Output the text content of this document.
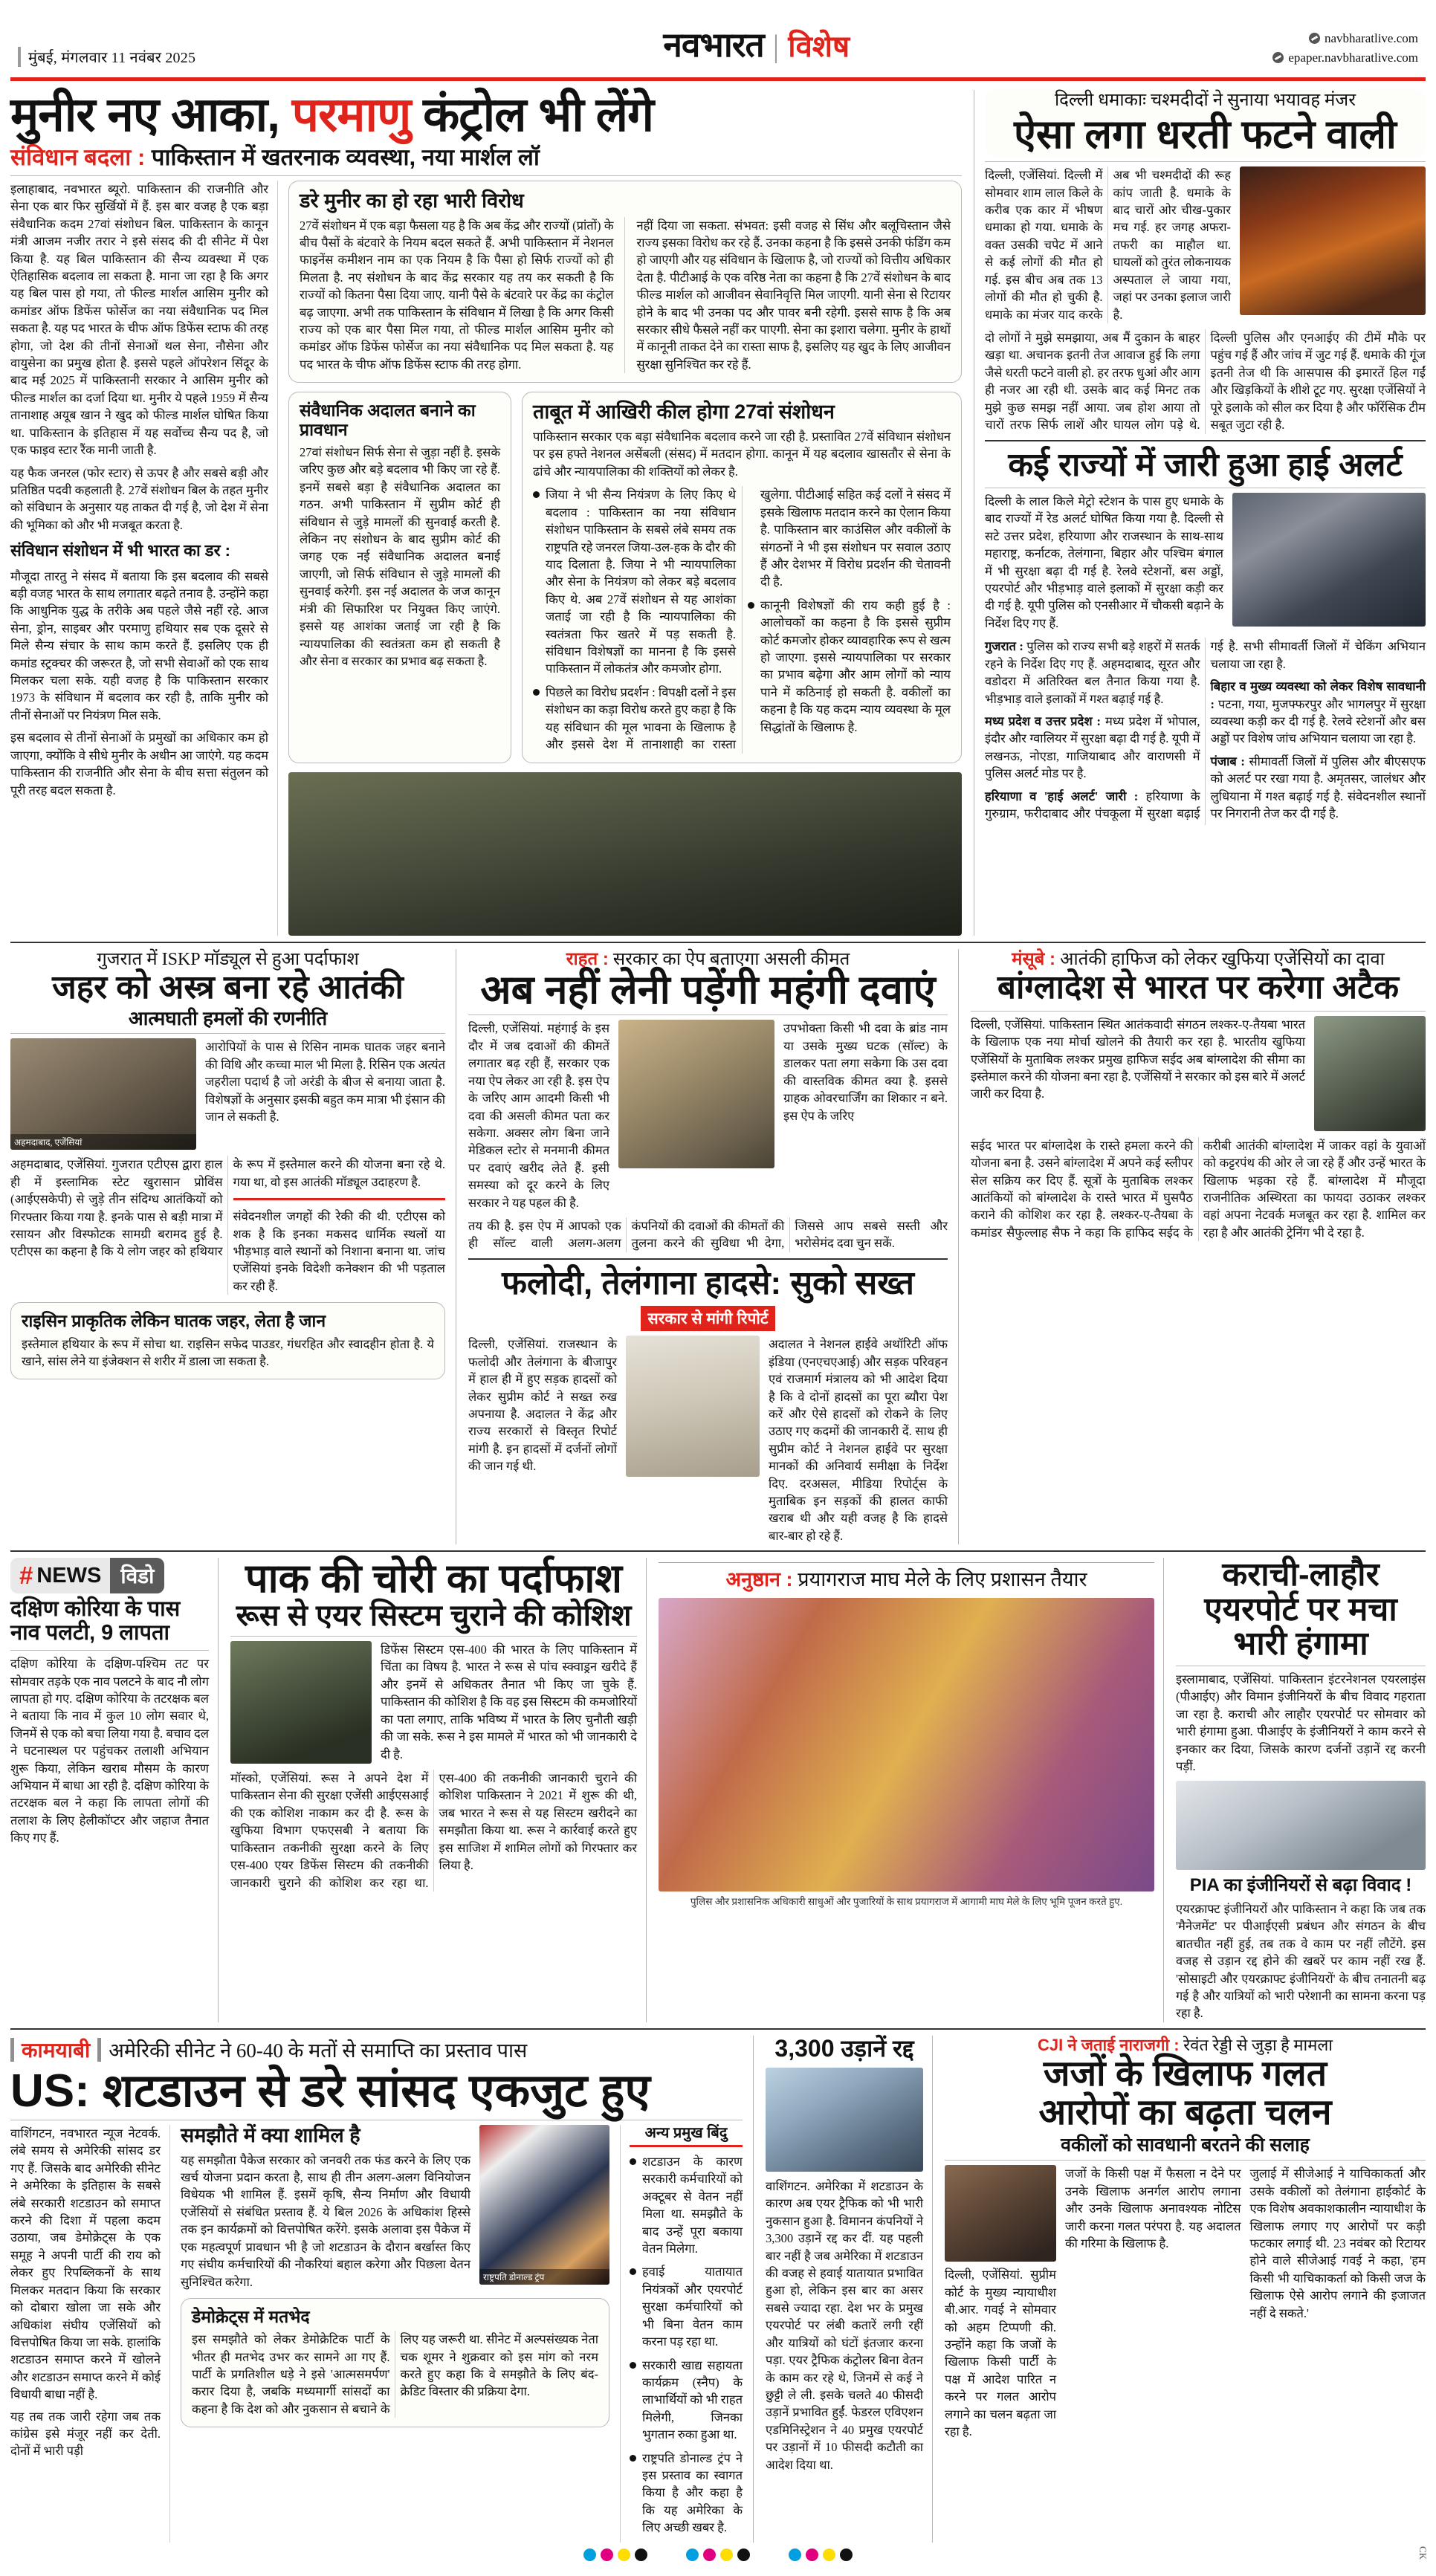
मुंबई, मंगलवार 11 नवंबर 2025	नवभारत | विशेष	navbharatlive.com
epaper.navbharatlive.com
मुनीर नए आका, परमाणु कंट्रोल भी लेंगे
संविधान बदला : पाकिस्तान में खतरनाक व्यवस्था, नया मार्शल लॉ

इलाहाबाद, नवभारत ब्यूरो. पाकिस्तान की राजनीति और सेना एक बार फिर सुर्खियों में हैं. इस बार वजह है एक बड़ा संवैधानिक कदम 27वां संशोधन बिल. पाकिस्तान के कानून मंत्री आजम नजीर तरार ने इसे संसद की दी सीनेट में पेश किया है. यह बिल पाकिस्तान की सैन्य व्यवस्था में एक ऐतिहासिक बदलाव ला सकता है. माना जा रहा है कि अगर यह बिल पास हो गया, तो फील्ड मार्शल आसिम मुनीर को कमांडर ऑफ डिफेंस फोर्सेज का नया संवैधानिक पद मिल सकता है. यह पद भारत के चीफ ऑफ डिफेंस स्टाफ की तरह होगा, जो देश की तीनों सेनाओं थल सेना, नौसेना और वायुसेना का प्रमुख होता है. इससे पहले ऑपरेशन सिंदूर के बाद मई 2025 में पाकिस्तानी सरकार ने आसिम मुनीर को फील्ड मार्शल का दर्जा दिया था. मुनीर ये पहले 1959 में सैन्य तानाशाह अयूब खान ने खुद को फील्ड मार्शल घोषित किया था. पाकिस्तान के इतिहास में यह सर्वोच्च सैन्य पद है, जो एक फाइव स्टार रैंक मानी जाती है.

यह फैक जनरल (फोर स्टार) से ऊपर है और सबसे बड़ी और प्रतिष्ठित पदवी कहलाती है. 27वें संशोधन बिल के तहत मुनीर को संविधान के अनुसार यह ताकत दी गई है, जो देश में सेना की भूमिका को और भी मजबूत करता है.

संविधान संशोधन में भी भारत का डर :

मौजूदा तारतु ने संसद में बताया कि इस बदलाव की सबसे बड़ी वजह भारत के साथ लगातार बढ़ते तनाव है. उन्होंने कहा कि आधुनिक युद्ध के तरीके अब पहले जैसे नहीं रहे. आज सेना, ड्रोन, साइबर और परमाणु हथियार सब एक दूसरे से मिले सैन्य संचार के साथ काम करते हैं. इसलिए एक ही कमांड स्ट्रक्चर की जरूरत है, जो सभी सेवाओं को एक साथ मिलकर चला सके. यही वजह है कि पाकिस्तान सरकार 1973 के संविधान में बदलाव कर रही है, ताकि मुनीर को तीनों सेनाओं पर नियंत्रण मिल सके.

इस बदलाव से तीनों सेनाओं के प्रमुखों का अधिकार कम हो जाएगा, क्योंकि वे सीधे मुनीर के अधीन आ जाएंगे. यह कदम पाकिस्तान की राजनीति और सेना के बीच सत्ता संतुलन को पूरी तरह बदल सकता है.

डरे मुनीर का हो रहा भारी विरोध
27वें संशोधन में एक बड़ा फैसला यह है कि अब केंद्र और राज्यों (प्रांतों) के बीच पैसों के बंटवारे के नियम बदल सकते हैं. अभी पाकिस्तान में नेशनल फाइनेंस कमीशन नाम का एक नियम है कि पैसा हो सिर्फ राज्यों को ही मिलता है. नए संशोधन के बाद केंद्र सरकार यह तय कर सकती है कि राज्यों को कितना पैसा दिया जाए. यानी पैसे के बंटवारे पर केंद्र का कंट्रोल बढ़ जाएगा. अभी तक पाकिस्तान के संविधान में लिखा है कि अगर किसी राज्य को एक बार पैसा मिल गया, तो फील्ड मार्शल आसिम मुनीर को कमांडर ऑफ डिफेंस फोर्सेज का नया संवैधानिक पद मिल सकता है. यह पद भारत के चीफ ऑफ डिफेंस स्टाफ की तरह होगा.
नहीं दिया जा सकता. संभवत: इसी वजह से सिंध और बलूचिस्तान जैसे राज्य इसका विरोध कर रहे हैं. उनका कहना है कि इससे उनकी फंडिंग कम हो जाएगी और यह संविधान के खिलाफ है, जो राज्यों को वित्तीय अधिकार देता है. पीटीआई के एक वरिष्ठ नेता का कहना है कि 27वें संशोधन के बाद फील्ड मार्शल को आजीवन सेवानिवृत्ति मिल जाएगी. यानी सेना से रिटायर होने के बाद भी उनका पद और पावर बनी रहेगी. इससे साफ है कि अब सरकार सीधे फैसले नहीं कर पाएगी. सेना का इशारा चलेगा. मुनीर के हाथों में कानूनी ताकत देने का रास्ता साफ है, इसलिए यह खुद के लिए आजीवन सुरक्षा सुनिश्चित कर रहे हैं.
संवैधानिक अदालत बनाने का प्रावधान
27वां संशोधन सिर्फ सेना से जुड़ा नहीं है. इसके जरिए कुछ और बड़े बदलाव भी किए जा रहे हैं. इनमें सबसे बड़ा है संवैधानिक अदालत का गठन. अभी पाकिस्तान में सुप्रीम कोर्ट ही संविधान से जुड़े मामलों की सुनवाई करती है. लेकिन नए संशोधन के बाद सुप्रीम कोर्ट की जगह एक नई संवैधानिक अदालत बनाई जाएगी, जो सिर्फ संविधान से जुड़े मामलों की सुनवाई करेगी. इस नई अदालत के जज कानून मंत्री की सिफारिश पर नियुक्त किए जाएंगे. इससे यह आशंका जताई जा रही है कि न्यायपालिका की स्वतंत्रता कम हो सकती है और सेना व सरकार का प्रभाव बढ़ सकता है.
ताबूत में आखिरी कील होगा 27वां संशोधन
पाकिस्तान सरकार एक बड़ा संवैधानिक बदलाव करने जा रही है. प्रस्तावित 27वें संविधान संशोधन पर इस हफ्ते नेशनल असेंबली (संसद) में मतदान होगा. कानून में यह बदलाव खासतौर से सेना के ढांचे और न्यायपालिका की शक्तियों को लेकर है.
जिया ने भी सैन्य नियंत्रण के लिए किए थे बदलाव : पाकिस्तान का नया संविधान संशोधन पाकिस्तान के सबसे लंबे समय तक राष्ट्रपति रहे जनरल जिया-उल-हक के दौर की याद दिलाता है. जिया ने भी न्यायपालिका और सेना के नियंत्रण को लेकर बड़े बदलाव किए थे. अब 27वें संशोधन से यह आशंका जताई जा रही है कि न्यायपालिका की स्वतंत्रता फिर खतरे में पड़ सकती है. संविधान विशेषज्ञों का मानना है कि इससे पाकिस्तान में लोकतंत्र और कमजोर होगा.
पिछले का विरोध प्रदर्शन : विपक्षी दलों ने इस संशोधन का कड़ा विरोध करते हुए कहा है कि यह संविधान की मूल भावना के खिलाफ है और इससे देश में तानाशाही का रास्ता खुलेगा. पीटीआई सहित कई दलों ने संसद में इसके खिलाफ मतदान करने का ऐलान किया है. पाकिस्तान बार काउंसिल और वकीलों के संगठनों ने भी इस संशोधन पर सवाल उठाए हैं और देशभर में विरोध प्रदर्शन की चेतावनी दी है.
कानूनी विशेषज्ञों की राय कही हुई है : आलोचकों का कहना है कि इससे सुप्रीम कोर्ट कमजोर होकर व्यावहारिक रूप से खत्म हो जाएगा. इससे न्यायपालिका पर सरकार का प्रभाव बढ़ेगा और आम लोगों को न्याय पाने में कठिनाई हो सकती है. वकीलों का कहना है कि यह कदम न्याय व्यवस्था के मूल सिद्धांतों के खिलाफ है.
दिल्ली धमाकाः चश्मदीदों ने सुनाया भयावह मंजर
ऐसा लगा धरती फटने वाली
दिल्ली, एजेंसियां. दिल्ली में सोमवार शाम लाल किले के करीब एक कार में भीषण धमाका हो गया. धमाके के वक्त उसकी चपेट में आने से कई लोगों की मौत हो गई. इस बीच अब तक 13 लोगों की मौत हो चुकी है. धमाके का मंजर याद करके अब भी चश्मदीदों की रूह कांप जाती है. धमाके के बाद चारों ओर चीख-पुकार मच गई. हर जगह अफरा-तफरी का माहौल था. घायलों को तुरंत लोकनायक अस्पताल ले जाया गया, जहां पर उनका इलाज जारी है.
दो लोगों ने मुझे समझाया, अब मैं दुकान के बाहर खड़ा था. अचानक इतनी तेज आवाज हुई कि लगा जैसे धरती फटने वाली हो. हर तरफ धुआं और आग ही नजर आ रही थी. उसके बाद कई मिनट तक मुझे कुछ समझ नहीं आया. जब होश आया तो चारों तरफ सिर्फ लाशें और घायल लोग पड़े थे. दिल्ली पुलिस और एनआईए की टीमें मौके पर पहुंच गई हैं और जांच में जुट गई हैं. धमाके की गूंज इतनी तेज थी कि आसपास की इमारतें हिल गईं और खिड़कियों के शीशे टूट गए. सुरक्षा एजेंसियों ने पूरे इलाके को सील कर दिया है और फॉरेंसिक टीम सबूत जुटा रही है.
कई राज्यों में जारी हुआ हाई अलर्ट
दिल्ली के लाल किले मेट्रो स्टेशन के पास हुए धमाके के बाद राज्यों में रेड अलर्ट घोषित किया गया है. दिल्ली से सटे उत्तर प्रदेश, हरियाणा और राजस्थान के साथ-साथ महाराष्ट्र, कर्नाटक, तेलंगाना, बिहार और पश्चिम बंगाल में भी सुरक्षा बढ़ा दी गई है. रेलवे स्टेशनों, बस अड्डों, एयरपोर्ट और भीड़भाड़ वाले इलाकों में सुरक्षा कड़ी कर दी गई है. यूपी पुलिस को एनसीआर में चौकसी बढ़ाने के निर्देश दिए गए हैं.

गुजरात : पुलिस को राज्य सभी बड़े शहरों में सतर्क रहने के निर्देश दिए गए हैं. अहमदाबाद, सूरत और वडोदरा में अतिरिक्त बल तैनात किया गया है. भीड़भाड़ वाले इलाकों में गश्त बढ़ाई गई है.

मध्य प्रदेश व उत्तर प्रदेश : मध्य प्रदेश में भोपाल, इंदौर और ग्वालियर में सुरक्षा बढ़ा दी गई है. यूपी में लखनऊ, नोएडा, गाजियाबाद और वाराणसी में पुलिस अलर्ट मोड पर है.

हरियाणा व 'हाई अलर्ट' जारी : हरियाणा के गुरुग्राम, फरीदाबाद और पंचकूला में सुरक्षा बढ़ाई गई है. सभी सीमावर्ती जिलों में चेकिंग अभियान चलाया जा रहा है.

बिहार व मुख्य व्यवस्था को लेकर विशेष सावधानी : पटना, गया, मुजफ्फरपुर और भागलपुर में सुरक्षा व्यवस्था कड़ी कर दी गई है. रेलवे स्टेशनों और बस अड्डों पर विशेष जांच अभियान चलाया जा रहा है.

पंजाब : सीमावर्ती जिलों में पुलिस और बीएसएफ को अलर्ट पर रखा गया है. अमृतसर, जालंधर और लुधियाना में गश्त बढ़ाई गई है. संवेदनशील स्थानों पर निगरानी तेज कर दी गई है.

गुजरात में ISKP मॉड्यूल से हुआ पर्दाफाश
जहर को अस्त्र बना रहे आतंकी
आत्मघाती हमलों की रणनीति
अहमदाबाद, एजेंसियां
आरोपियों के पास से रिसिन नामक घातक जहर बनाने की विधि और कच्चा माल भी मिला है. रिसिन एक अत्यंत जहरीला पदार्थ है जो अरंडी के बीज से बनाया जाता है. विशेषज्ञों के अनुसार इसकी बहुत कम मात्रा भी इंसान की जान ले सकती है.
अहमदाबाद, एजेंसियां. गुजरात एटीएस द्वारा हाल ही में इस्लामिक स्टेट खुरासान प्रोविंस (आईएसकेपी) से जुड़े तीन संदिग्ध आतंकियों को गिरफ्तार किया गया है. इनके पास से बड़ी मात्रा में रसायन और विस्फोटक सामग्री बरामद हुई है. एटीएस का कहना है कि ये लोग जहर को हथियार के रूप में इस्तेमाल करने की योजना बना रहे थे. गया था, वो इस आतंकी मॉड्यूल उदाहरण है.
संवेदनशील जगहों की रेकी की थी. एटीएस को शक है कि इनका मकसद धार्मिक स्थलों या भीड़भाड़ वाले स्थानों को निशाना बनाना था. जांच एजेंसियां इनके विदेशी कनेक्शन की भी पड़ताल कर रही हैं.
राइसिन प्राकृतिक लेकिन घातक जहर, लेता है जान
इस्तेमाल हथियार के रूप में सोचा था. राइसिन सफेद पाउडर, गंधरहित और स्वादहीन होता है. ये खाने, सांस लेने या इंजेक्शन से शरीर में डाला जा सकता है.
राहत : सरकार का ऐप बताएगा असली कीमत
अब नहीं लेनी पड़ेंगी महंगी दवाएं
दिल्ली, एजेंसियां. महंगाई के इस दौर में जब दवाओं की कीमतें लगातार बढ़ रही हैं, सरकार एक नया ऐप लेकर आ रही है. इस ऐप के जरिए आम आदमी किसी भी दवा की असली कीमत पता कर सकेगा. अक्सर लोग बिना जाने मेडिकल स्टोर से मनमानी कीमत पर दवाएं खरीद लेते हैं. इसी समस्या को दूर करने के लिए सरकार ने यह पहल की है.
उपभोक्ता किसी भी दवा के ब्रांड नाम या उसके मुख्य घटक (सॉल्ट) के डालकर पता लगा सकेगा कि उस दवा की वास्तविक कीमत क्या है. इससे ग्राहक ओवरचार्जिंग का शिकार न बने. इस ऐप के जरिए
तय की है. इस ऐप में आपको एक ही सॉल्ट वाली अलग-अलग कंपनियों की दवाओं की कीमतों की तुलना करने की सुविधा भी देगा, जिससे आप सबसे सस्ती और भरोसेमंद दवा चुन सकें.
फलोदी, तेलंगाना हादसे: सुको सख्त
सरकार से मांगी रिपोर्ट
दिल्ली, एजेंसियां. राजस्थान के फलोदी और तेलंगाना के बीजापुर में हाल ही में हुए सड़क हादसों को लेकर सुप्रीम कोर्ट ने सख्त रुख अपनाया है. अदालत ने केंद्र और राज्य सरकारों से विस्तृत रिपोर्ट मांगी है. इन हादसों में दर्जनों लोगों की जान गई थी.
अदालत ने नेशनल हाईवे अथॉरिटी ऑफ इंडिया (एनएचएआई) और सड़क परिवहन एवं राजमार्ग मंत्रालय को भी आदेश दिया है कि वे दोनों हादसों का पूरा ब्यौरा पेश करें और ऐसे हादसों को रोकने के लिए उठाए गए कदमों की जानकारी दें. साथ ही सुप्रीम कोर्ट ने नेशनल हाईवे पर सुरक्षा मानकों की अनिवार्य समीक्षा के निर्देश दिए. दरअसल, मीडिया रिपोर्ट्स के मुताबिक इन सड़कों की हालत काफी खराब थी और यही वजह है कि हादसे बार-बार हो रहे हैं.
मंसूबे : आतंकी हाफिज को लेकर खुफिया एजेंसियों का दावा
बांग्लादेश से भारत पर करेगा अटैक
दिल्ली, एजेंसियां. पाकिस्तान स्थित आतंकवादी संगठन लश्कर-ए-तैयबा भारत के खिलाफ एक नया मोर्चा खोलने की तैयारी कर रहा है. भारतीय खुफिया एजेंसियों के मुताबिक लश्कर प्रमुख हाफिज सईद अब बांग्लादेश की सीमा का इस्तेमाल करने की योजना बना रहा है. एजेंसियों ने सरकार को इस बारे में अलर्ट जारी कर दिया है.
सईद भारत पर बांग्लादेश के रास्ते हमला करने की योजना बना है. उसने बांग्लादेश में अपने कई स्लीपर सेल सक्रिय कर दिए हैं. सूत्रों के मुताबिक लश्कर आतंकियों को बांग्लादेश के रास्ते भारत में घुसपैठ कराने की कोशिश कर रहा है. लश्कर-ए-तैयबा के कमांडर सैफुल्लाह सैफ ने कहा कि हाफिद सईद के करीबी आतंकी बांग्लादेश में जाकर वहां के युवाओं को कट्टरपंथ की ओर ले जा रहे हैं और उन्हें भारत के खिलाफ भड़का रहे हैं. बांग्लादेश में मौजूदा राजनीतिक अस्थिरता का फायदा उठाकर लश्कर वहां अपना नेटवर्क मजबूत कर रहा है. शामिल कर रहा है और आतंकी ट्रेनिंग भी दे रहा है.
# NEWS विडो
दक्षिण कोरिया के पास नाव पलटी, 9 लापता
दक्षिण कोरिया के दक्षिण-पश्चिम तट पर सोमवार तड़के एक नाव पलटने के बाद नौ लोग लापता हो गए. दक्षिण कोरिया के तटरक्षक बल ने बताया कि नाव में कुल 10 लोग सवार थे, जिनमें से एक को बचा लिया गया है. बचाव दल ने घटनास्थल पर पहुंचकर तलाशी अभियान शुरू किया, लेकिन खराब मौसम के कारण अभियान में बाधा आ रही है. दक्षिण कोरिया के तटरक्षक बल ने कहा कि लापता लोगों की तलाश के लिए हेलीकॉप्टर और जहाज तैनात किए गए हैं.
पाक की चोरी का पर्दाफाश
रूस से एयर सिस्टम चुराने की कोशिश
डिफेंस सिस्टम एस-400 की भारत के लिए पाकिस्तान में चिंता का विषय है. भारत ने रूस से पांच स्क्वाड्रन खरीदे हैं और इनमें से अधिकतर तैनात भी किए जा चुके हैं. पाकिस्तान की कोशिश है कि वह इस सिस्टम की कमजोरियों का पता लगाए, ताकि भविष्य में भारत के लिए चुनौती खड़ी की जा सके. रूस ने इस मामले में भारत को भी जानकारी दे दी है.
मॉस्को, एजेंसियां. रूस ने अपने देश में पाकिस्तान सेना की सुरक्षा एजेंसी आईएसआई की एक कोशिश नाकाम कर दी है. रूस के खुफिया विभाग एफएसबी ने बताया कि पाकिस्तान तकनीकी सुरक्षा करने के लिए एस-400 एयर डिफेंस सिस्टम की तकनीकी जानकारी चुराने की कोशिश कर रहा था. एस-400 की तकनीकी जानकारी चुराने की कोशिश पाकिस्तान ने 2021 में शुरू की थी, जब भारत ने रूस से यह सिस्टम खरीदने का समझौता किया था. रूस ने कार्रवाई करते हुए इस साजिश में शामिल लोगों को गिरफ्तार कर लिया है.
अनुष्ठान : प्रयागराज माघ मेले के लिए प्रशासन तैयार
पुलिस और प्रशासनिक अधिकारी साधुओं और पुजारियों के साथ प्रयागराज में आगामी माघ मेले के लिए भूमि पूजन करते हुए.
कराची-लाहौर एयरपोर्ट पर मचा भारी हंगामा
इस्लामाबाद, एजेंसियां. पाकिस्तान इंटरनेशनल एयरलाइंस (पीआईए) और विमान इंजीनियरों के बीच विवाद गहराता जा रहा है. कराची और लाहौर एयरपोर्ट पर सोमवार को भारी हंगामा हुआ. पीआईए के इंजीनियरों ने काम करने से इनकार कर दिया, जिसके कारण दर्जनों उड़ानें रद्द करनी पड़ीं.
PIA का इंजीनियरों से बढ़ा विवाद !
एयरक्राफ्ट इंजीनियरों और पाकिस्तान ने कहा कि जब तक 'मैनेजमेंट' पर पीआईएसी प्रबंधन और संगठन के बीच बातचीत नहीं हुई, तब तक वे काम पर नहीं लौटेंगे. इस वजह से उड़ान रद्द होने की खबरें पर काम नहीं रख हैं. 'सोसाइटी और एयरक्राफ्ट इंजीनियरों' के बीच तनातनी बढ़ गई है और यात्रियों को भारी परेशानी का सामना करना पड़ रहा है.
कामयाबी अमेरिकी सीनेट ने 60-40 के मतों से समाप्ति का प्रस्ताव पास
US: शटडाउन से डरे सांसद एकजुट हुए
वाशिंगटन, नवभारत न्यूज नेटवर्क. लंबे समय से अमेरिकी सांसद डर गए हैं. जिसके बाद अमेरिकी सीनेट ने अमेरिका के इतिहास के सबसे लंबे सरकारी शटडाउन को समाप्त करने की दिशा में पहला कदम उठाया, जब डेमोक्रेट्स के एक समूह ने अपनी पार्टी की राय को लेकर हुए रिपब्लिकनों के साथ मिलकर मतदान किया कि सरकार को दोबारा खोला जा सके और अधिकांश संघीय एजेंसियों को वित्तपोषित किया जा सके. हालांकि शटडाउन समाप्त करने में खोलने और शटडाउन समाप्त करने में कोई विधायी बाधा नहीं है.
यह तब तक जारी रहेगा जब तक कांग्रेस इसे मंजूर नहीं कर देती. दोनों में भारी पड़ी
समझौते में क्या शामिल है
यह समझौता पैकेज सरकार को जनवरी तक फंड करने के लिए एक खर्च योजना प्रदान करता है, साथ ही तीन अलग-अलग विनियोजन विधेयक भी शामिल हैं. इसमें कृषि, सैन्य निर्माण और विधायी एजेंसियों से संबंधित प्रस्ताव हैं. ये बिल 2026 के अधिकांश हिस्से तक इन कार्यक्रमों को वित्तपोषित करेंगे. इसके अलावा इस पैकेज में एक महत्वपूर्ण प्रावधान भी है जो शटडाउन के दौरान बर्खास्त किए गए संघीय कर्मचारियों की नौकरियां बहाल करेगा और पिछला वेतन सुनिश्चित करेगा.	राष्ट्रपति डोनाल्ड ट्रंप
डेमोक्रेट्स में मतभेद
इस समझौते को लेकर डेमोक्रेटिक पार्टी के भीतर ही मतभेद उभर कर सामने आ गए हैं. पार्टी के प्रगतिशील धड़े ने इसे 'आत्मसमर्पण' करार दिया है, जबकि मध्यमार्गी सांसदों का कहना है कि देश को और नुकसान से बचाने के लिए यह जरूरी था. सीनेट में अल्पसंख्यक नेता चक शूमर ने शुक्रवार को इस मांग को नरम करते हुए कहा कि वे समझौते के लिए बंद-क्रेडिट विस्तार की प्रक्रिया देगा.
अन्य प्रमुख बिंदु
शटडाउन के कारण सरकारी कर्मचारियों को अक्टूबर से वेतन नहीं मिला था. समझौते के बाद उन्हें पूरा बकाया वेतन मिलेगा.
हवाई यातायात नियंत्रकों और एयरपोर्ट सुरक्षा कर्मचारियों को भी बिना वेतन काम करना पड़ रहा था.
सरकारी खाद्य सहायता कार्यक्रम (स्नैप) के लाभार्थियों को भी राहत मिलेगी, जिनका भुगतान रुका हुआ था.
राष्ट्रपति डोनाल्ड ट्रंप ने इस प्रस्ताव का स्वागत किया है और कहा है कि यह अमेरिका के लिए अच्छी खबर है.
3,300 उड़ानें रद्द
वाशिंगटन. अमेरिका में शटडाउन के कारण अब एयर ट्रैफिक को भी भारी नुकसान हुआ है. विमानन कंपनियों ने 3,300 उड़ानें रद्द कर दीं. यह पहली बार नहीं है जब अमेरिका में शटडाउन की वजह से हवाई यातायात प्रभावित हुआ हो, लेकिन इस बार का असर सबसे ज्यादा रहा. देश भर के प्रमुख एयरपोर्ट पर लंबी कतारें लगी रहीं और यात्रियों को घंटों इंतजार करना पड़ा. एयर ट्रैफिक कंट्रोलर बिना वेतन के काम कर रहे थे, जिनमें से कई ने छुट्टी ले ली. इसके चलते 40 फीसदी उड़ानें प्रभावित हुईं. फेडरल एविएशन एडमिनिस्ट्रेशन ने 40 प्रमुख एयरपोर्ट पर उड़ानों में 10 फीसदी कटौती का आदेश दिया था.
CJI ने जताई नाराजगी : रेवंत रेड्डी से जुड़ा है मामला
जजों के खिलाफ गलत
आरोपों का बढ़ता चलन
वकीलों को सावधानी बरतने की सलाह
दिल्ली, एजेंसियां. सुप्रीम कोर्ट के मुख्य न्यायाधीश बी.आर. गवई ने सोमवार को अहम टिप्पणी की. उन्होंने कहा कि जजों के खिलाफ किसी पार्टी के पक्ष में आदेश पारित न करने पर गलत आरोप लगाने का चलन बढ़ता जा रहा है.
जजों के किसी पक्ष में फैसला न देने पर उनके खिलाफ अनर्गल आरोप लगाना और उनके खिलाफ अनावश्यक नोटिस जारी करना गलत परंपरा है. यह अदालत की गरिमा के खिलाफ है.
जुलाई में सीजेआई ने याचिकाकर्ता और उसके वकीलों को तेलंगाना हाईकोर्ट के एक विशेष अवकाशकालीन न्यायाधीश के खिलाफ लगाए गए आरोपों पर कड़ी फटकार लगाई थी. 23 नवंबर को रिटायर होने वाले सीजेआई गवई ने कहा, 'हम किसी भी याचिकाकर्ता को किसी जज के खिलाफ ऐसे आरोप लगाने की इजाजत नहीं दे सकते.'
CK
